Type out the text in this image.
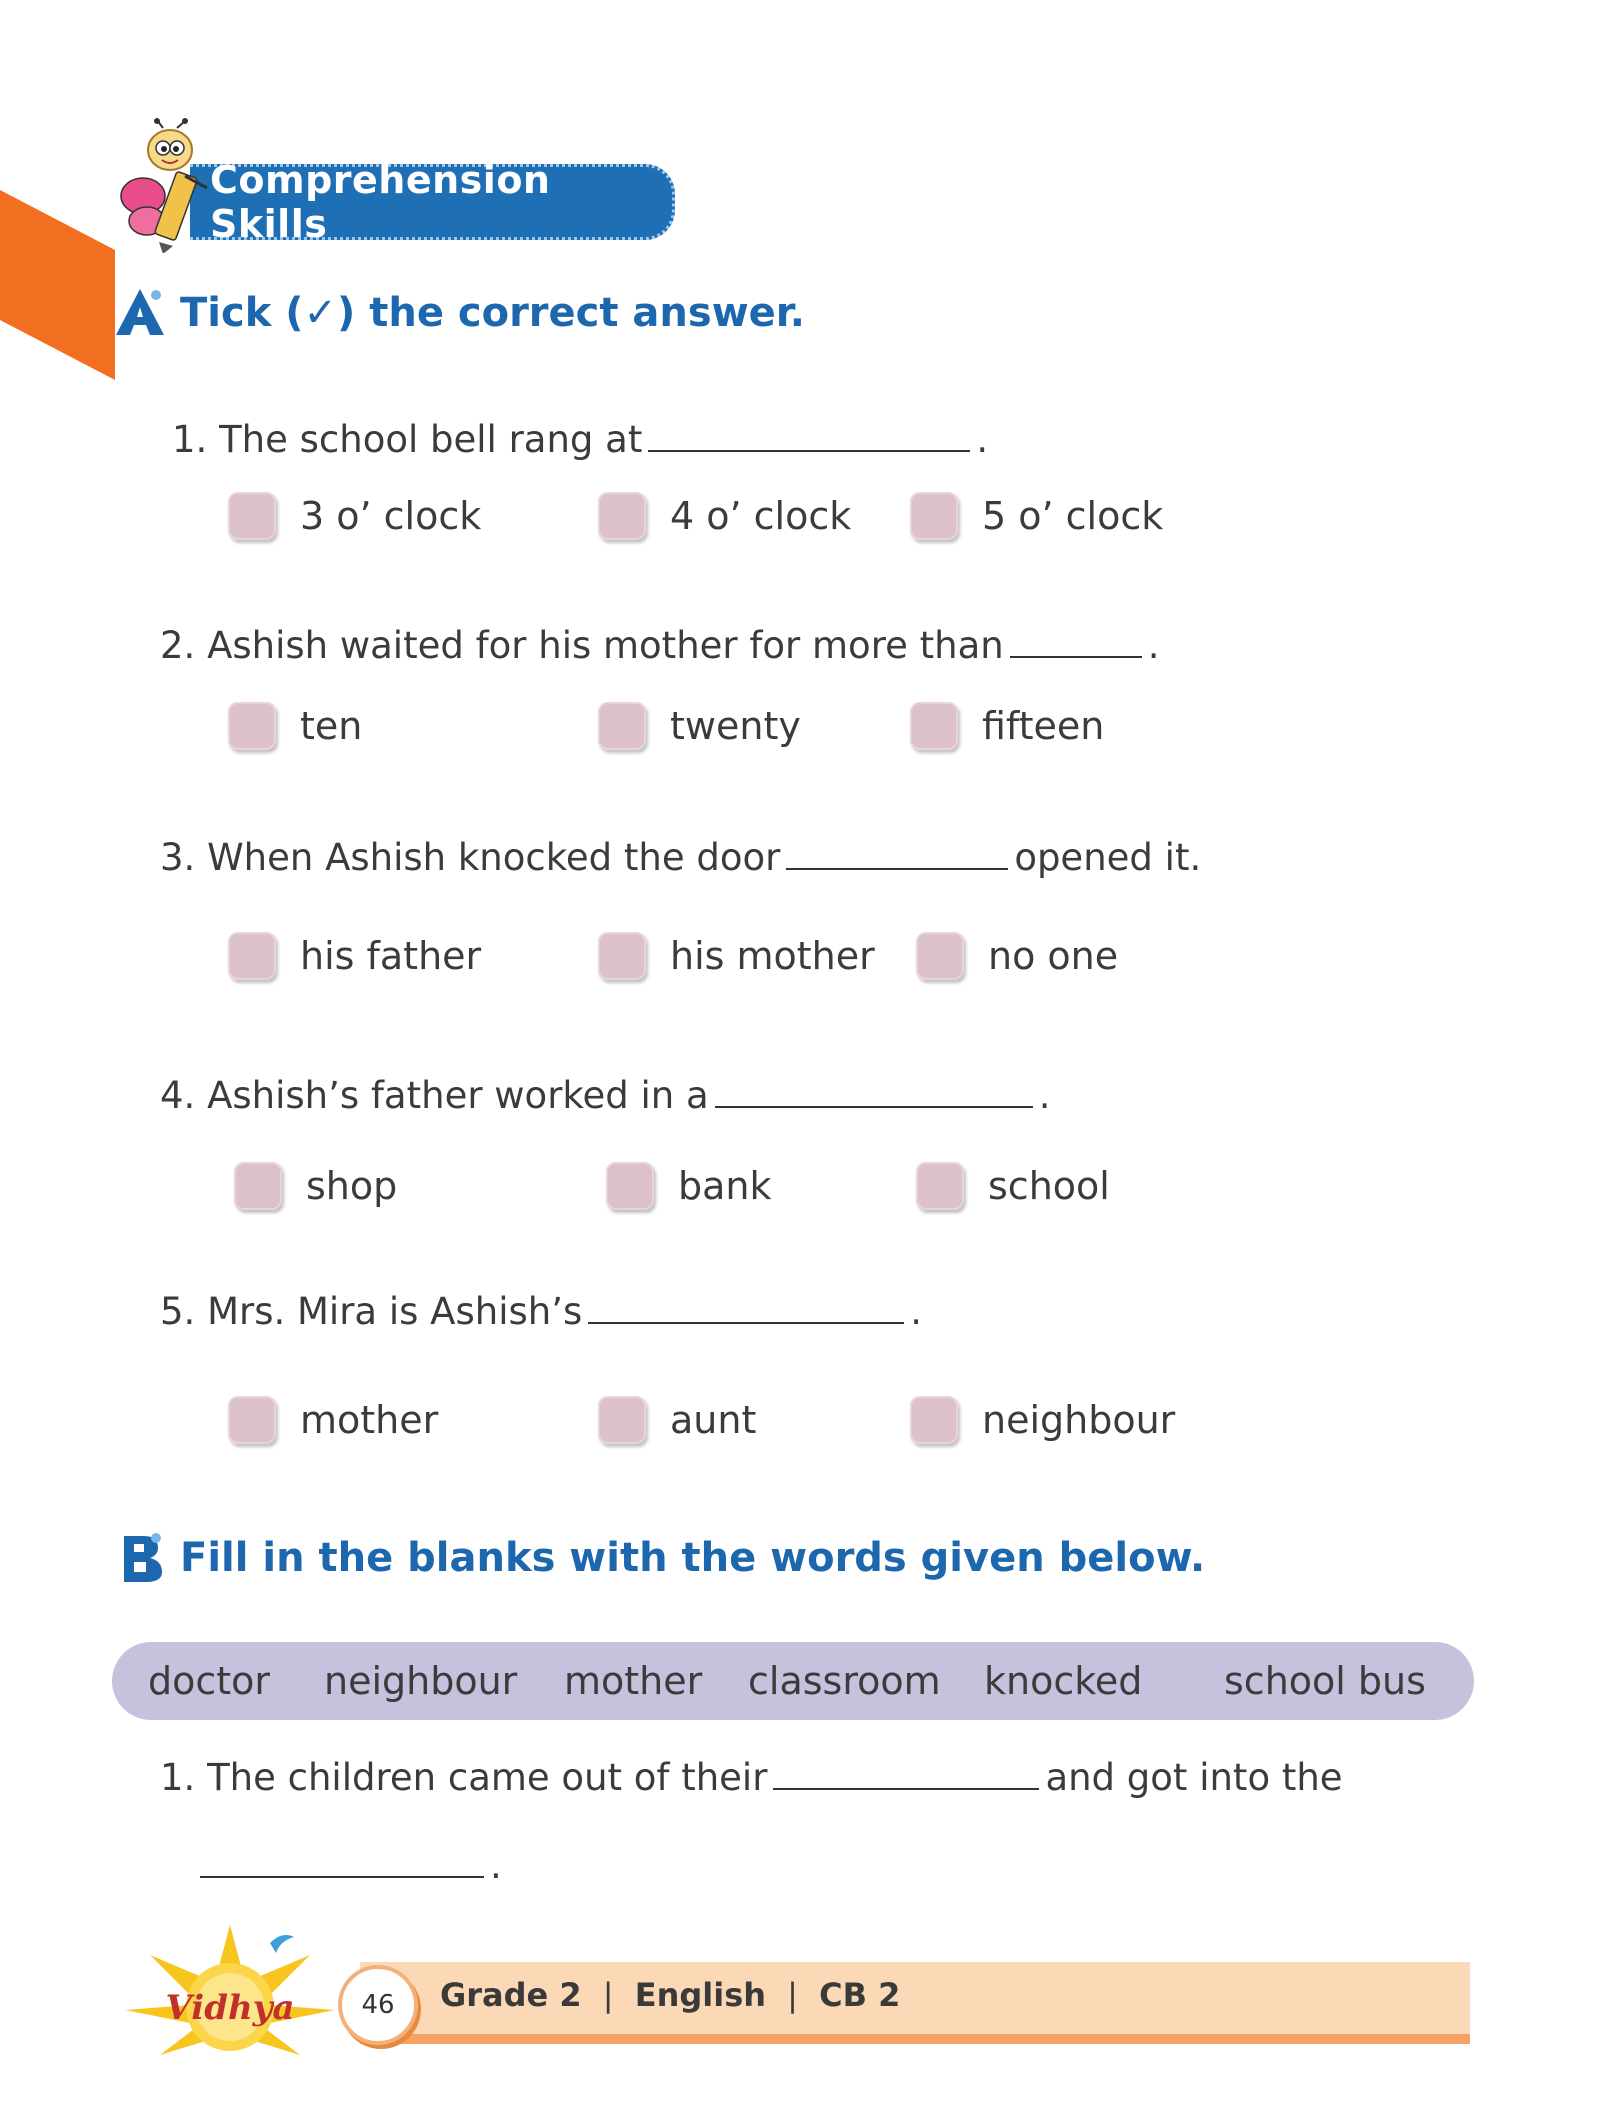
Comprehension Skills
Tick (✓) the correct answer.
1. The school bell rang at	.
3 o’ clock	4 o’ clock	5 o’ clock
2. Ashish waited for his mother for more than	.
ten	twenty	fifteen
3. When Ashish knocked the door	opened it.
his father	his mother	no one
4. Ashish’s father worked in a	.
shop	bank	school
5. Mrs. Mira is Ashish’s	.
mother	aunt	neighbour
Fill in the blanks with the words given below.
doctor neighbour mother classroom knocked school bus
1. The children came out of their	and got into the
.
Vidhya	46	Grade 2 | English | CB 2
